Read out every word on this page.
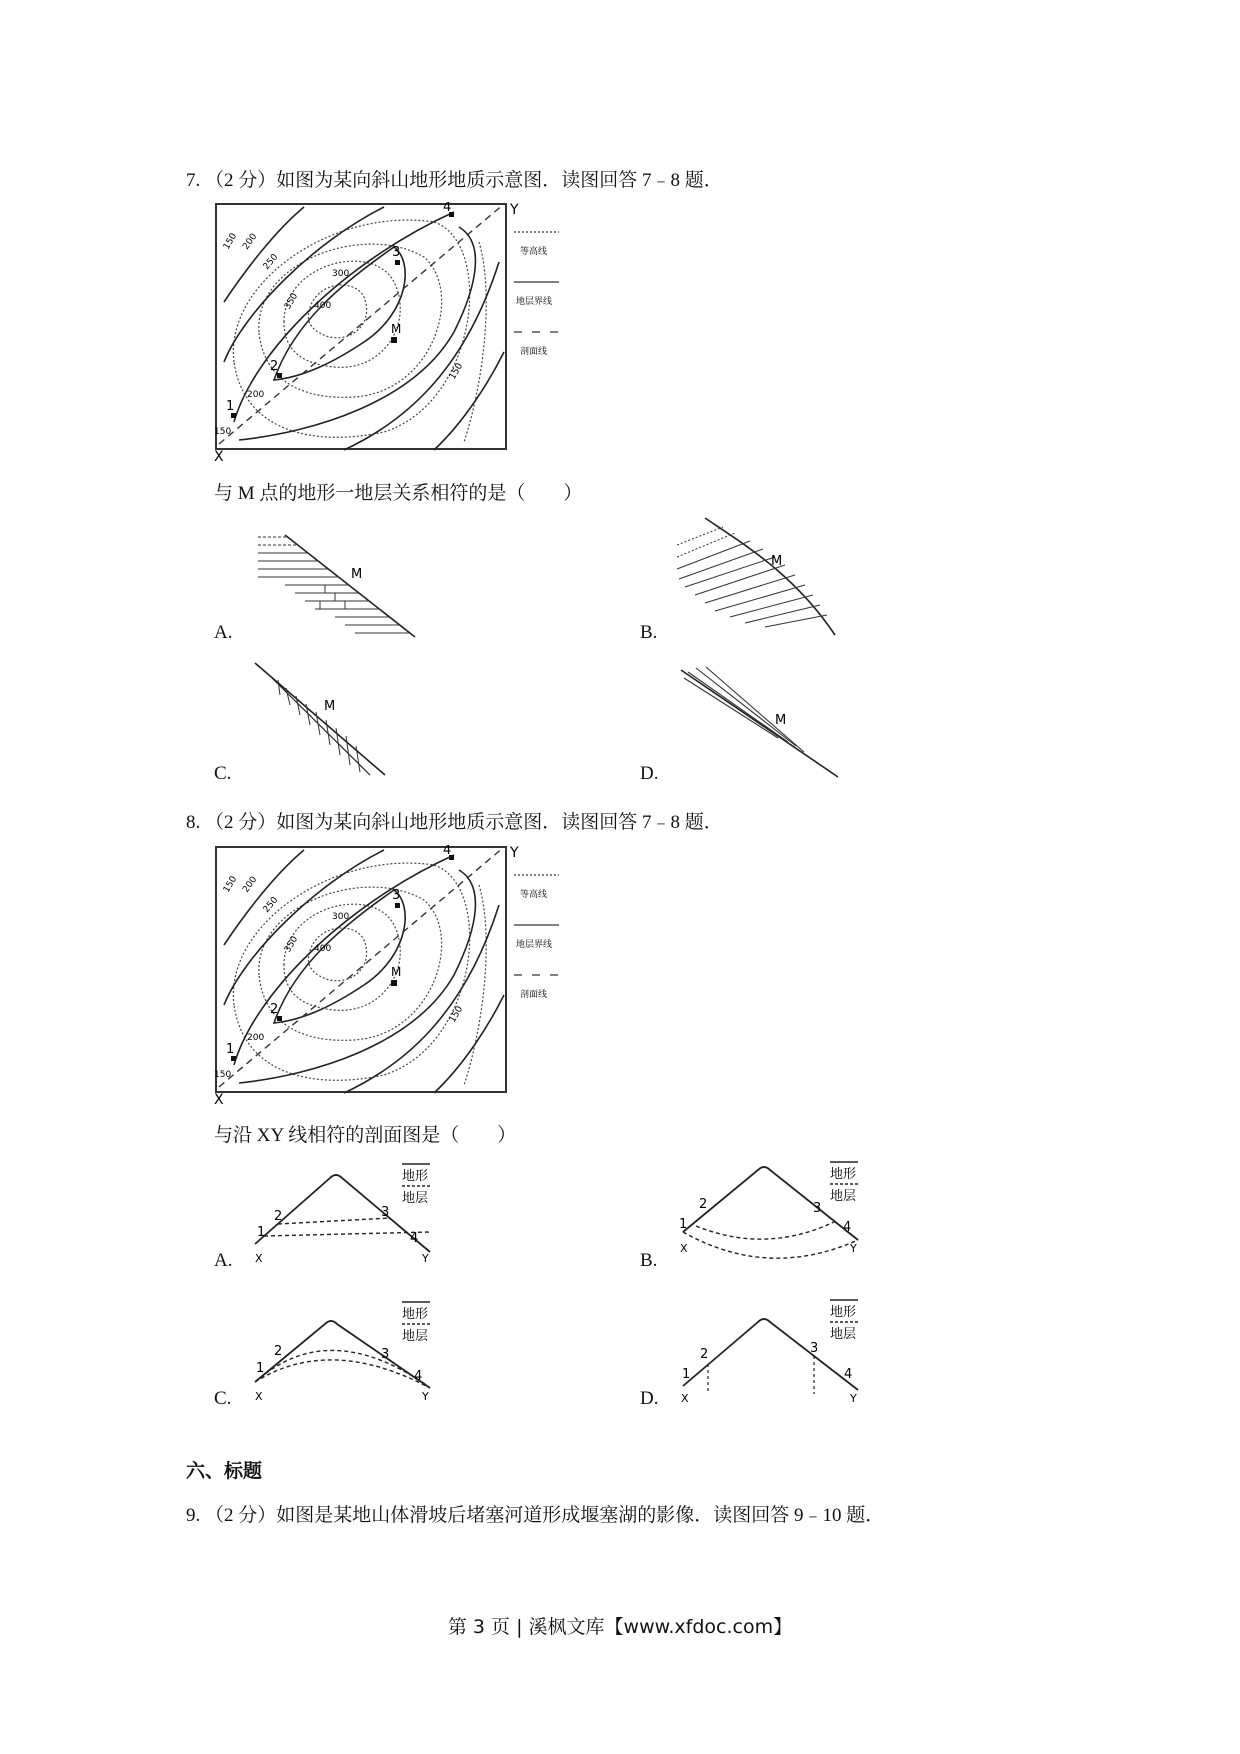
7. （2 分）如图为某向斜山地形地质示意图．读图回答 7﹣8 题．
1
2
3
4
M
150 200
250
300
350 400
150
200
150
X
Y
等高线
地层界线
剖面线
与 M 点的地形一地层关系相符的是（　　）
A.
M
B.
M
C.
M
D.
M
8. （2 分）如图为某向斜山地形地质示意图．读图回答 7﹣8 题．
1
2
3
4
M
150 200
250
300
350 400
150
200
150
X
Y
等高线
地层界线
剖面线
与沿 XY 线相符的剖面图是（　　）
A.
1
2	3
4
X	Y
地形
地层
B.
1
2	3
4
X	Y
地形
地层
C.
1
2	3
4
X	Y
地形
地层
D.
1
2	3
4
X	Y
地形
地层
六、标题
9. （2 分）如图是某地山体滑坡后堵塞河道形成堰塞湖的影像．读图回答 9﹣10 题．
第 3 页 | 溪枫文库【www.xfdoc.com】
